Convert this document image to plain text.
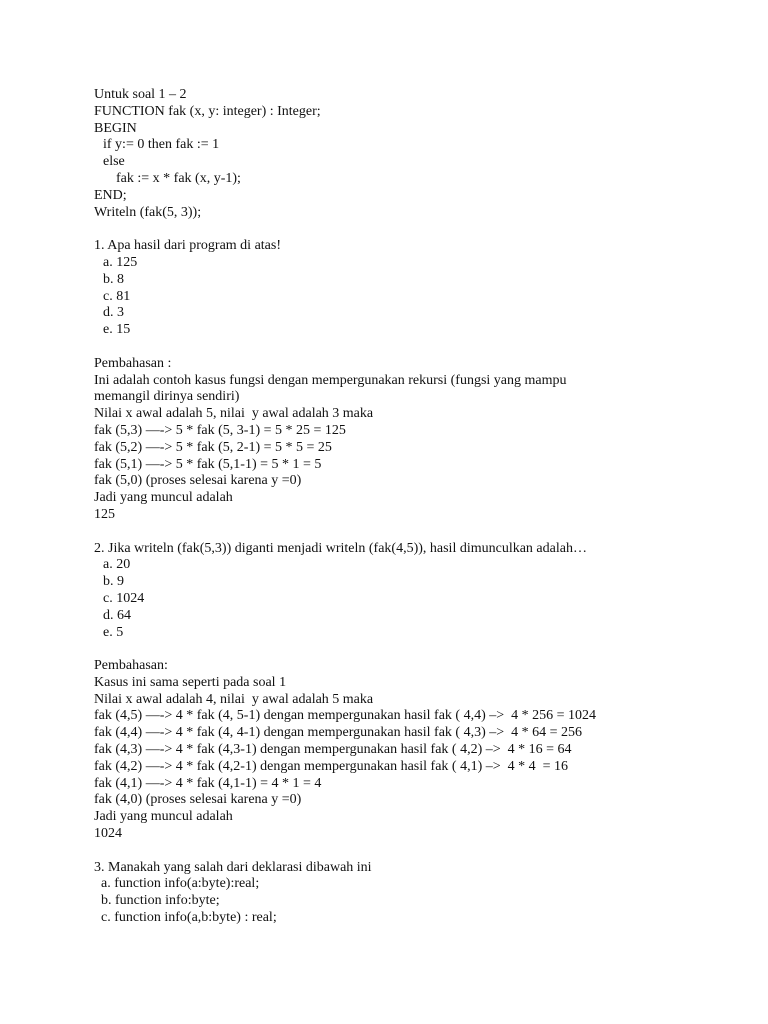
Untuk soal 1 – 2
FUNCTION fak (x, y: integer) : Integer;
BEGIN
if y:= 0 then fak := 1
else
fak := x * fak (x, y-1);
END;
Writeln (fak(5, 3));
1. Apa hasil dari program di atas!
a. 125
b. 8
c. 81
d. 3
e. 15
Pembahasan :
Ini adalah contoh kasus fungsi dengan mempergunakan rekursi (fungsi yang mampu
memangil dirinya sendiri)
Nilai x awal adalah 5, nilai  y awal adalah 3 maka
fak (5,3) —-> 5 * fak (5, 3-1) = 5 * 25 = 125
fak (5,2) —-> 5 * fak (5, 2-1) = 5 * 5 = 25
fak (5,1) —-> 5 * fak (5,1-1) = 5 * 1 = 5
fak (5,0) (proses selesai karena y =0)
Jadi yang muncul adalah
125
2. Jika writeln (fak(5,3)) diganti menjadi writeln (fak(4,5)), hasil dimunculkan adalah…
a. 20
b. 9
c. 1024
d. 64
e. 5
Pembahasan:
Kasus ini sama seperti pada soal 1
Nilai x awal adalah 4, nilai  y awal adalah 5 maka
fak (4,5) —-> 4 * fak (4, 5-1) dengan mempergunakan hasil fak ( 4,4) –>  4 * 256 = 1024
fak (4,4) —-> 4 * fak (4, 4-1) dengan mempergunakan hasil fak ( 4,3) –>  4 * 64 = 256
fak (4,3) —-> 4 * fak (4,3-1) dengan mempergunakan hasil fak ( 4,2) –>  4 * 16 = 64
fak (4,2) —-> 4 * fak (4,2-1) dengan mempergunakan hasil fak ( 4,1) –>  4 * 4  = 16
fak (4,1) —-> 4 * fak (4,1-1) = 4 * 1 = 4
fak (4,0) (proses selesai karena y =0)
Jadi yang muncul adalah
1024
3. Manakah yang salah dari deklarasi dibawah ini
a. function info(a:byte):real;
b. function info:byte;
c. function info(a,b:byte) : real;
